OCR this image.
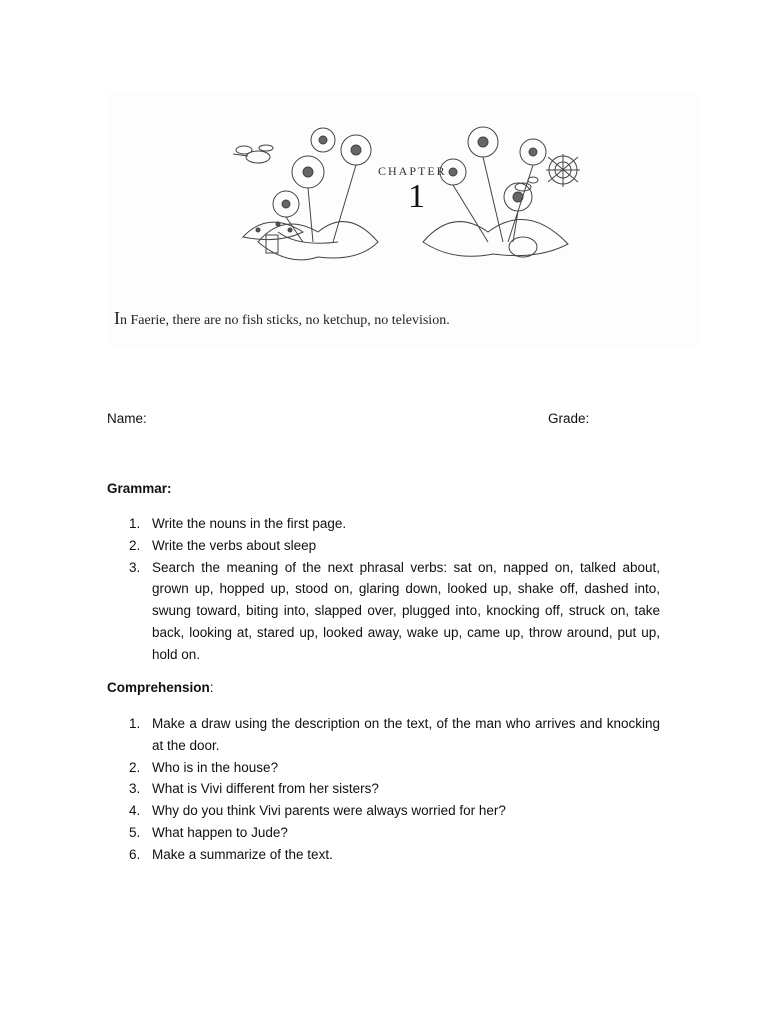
CHAPTER
1
In Faerie, there are no fish sticks, no ketchup, no television.
Name:	Grade:
Grammar:
1. Write the nouns in the first page.
2. Write the verbs about sleep
3. Search the meaning of the next phrasal verbs: sat on, napped on, talked about, grown up, hopped up, stood on, glaring down, looked up, shake off, dashed into, swung toward, biting into, slapped over, plugged into, knocking off, struck on, take back, looking at, stared up, looked away, wake up, came up, throw around, put up, hold on.
Comprehension:
1. Make a draw using the description on the text, of the man who arrives and knocking at the door.
2. Who is in the house?
3. What is Vivi different from her sisters?
4. Why do you think Vivi parents were always worried for her?
5. What happen to Jude?
6. Make a summarize of the text.
